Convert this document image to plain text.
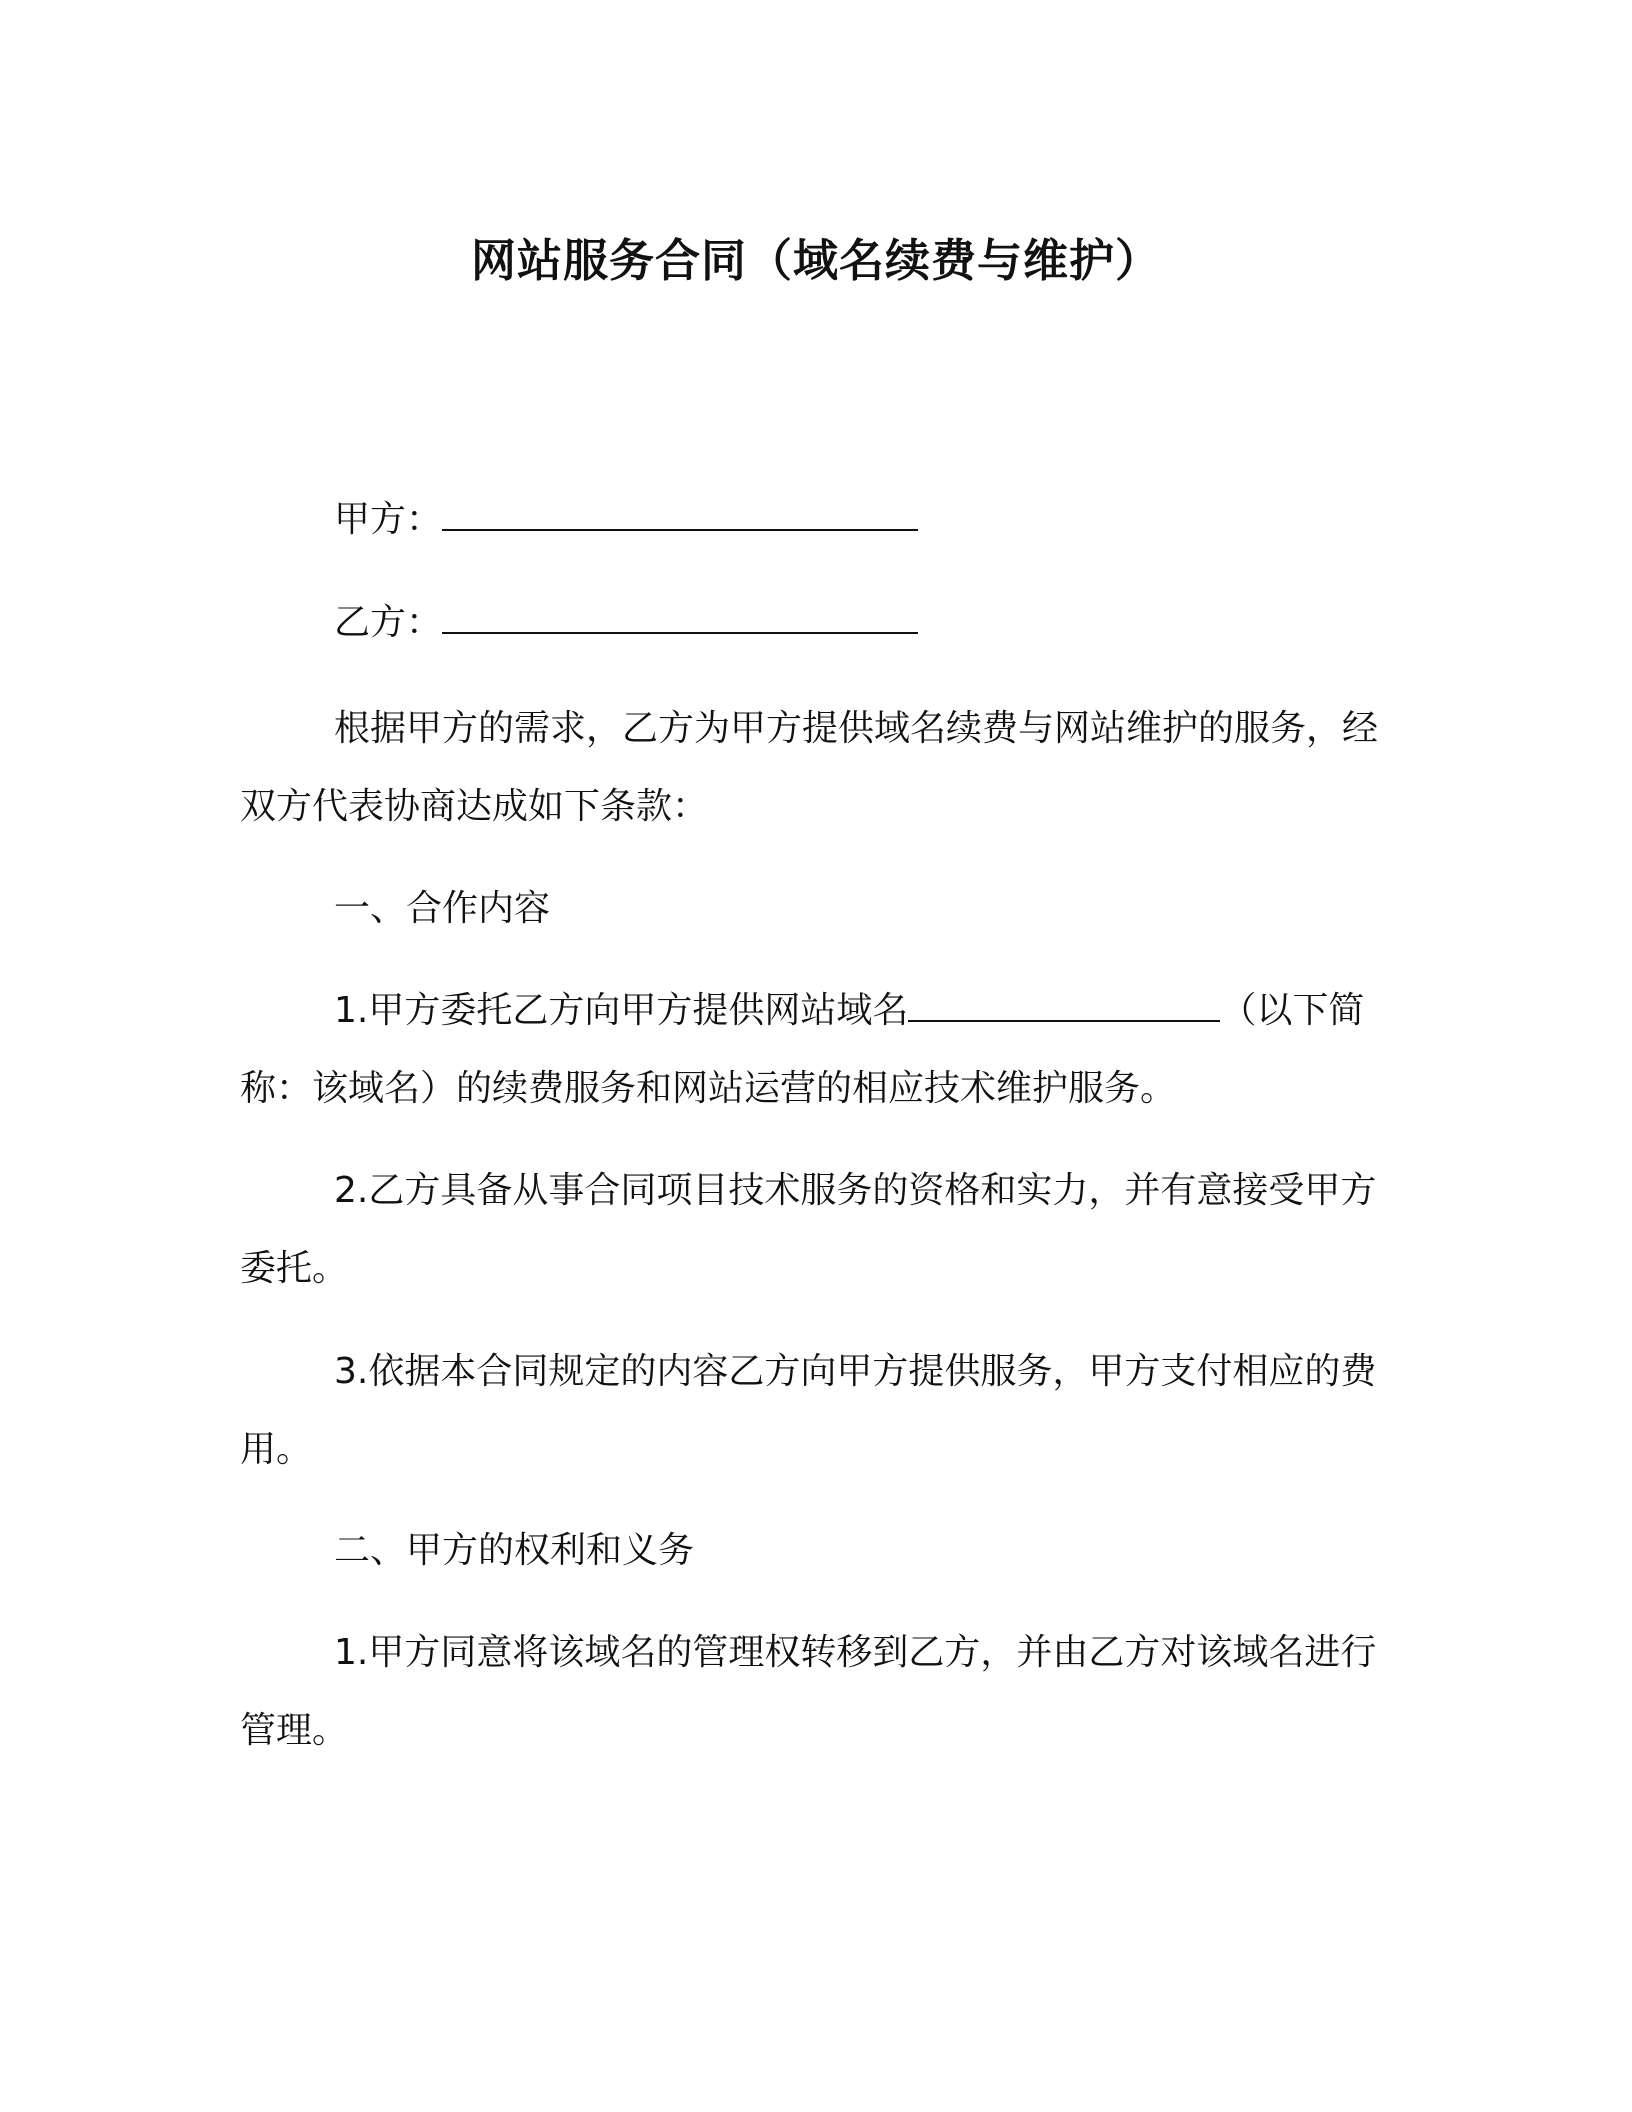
网站服务合同（域名续费与维护）
甲方：
乙方：
根据甲方的需求，乙方为甲方提供域名续费与网站维护的服务，经双方代表协商达成如下条款：
一、合作内容
1.甲方委托乙方向甲方提供网站域名	（以下简称：该域名）的续费服务和网站运营的相应技术维护服务。
2.乙方具备从事合同项目技术服务的资格和实力，并有意接受甲方委托。
3.依据本合同规定的内容乙方向甲方提供服务，甲方支付相应的费用。
二、甲方的权利和义务
1.甲方同意将该域名的管理权转移到乙方，并由乙方对该域名进行管理。
